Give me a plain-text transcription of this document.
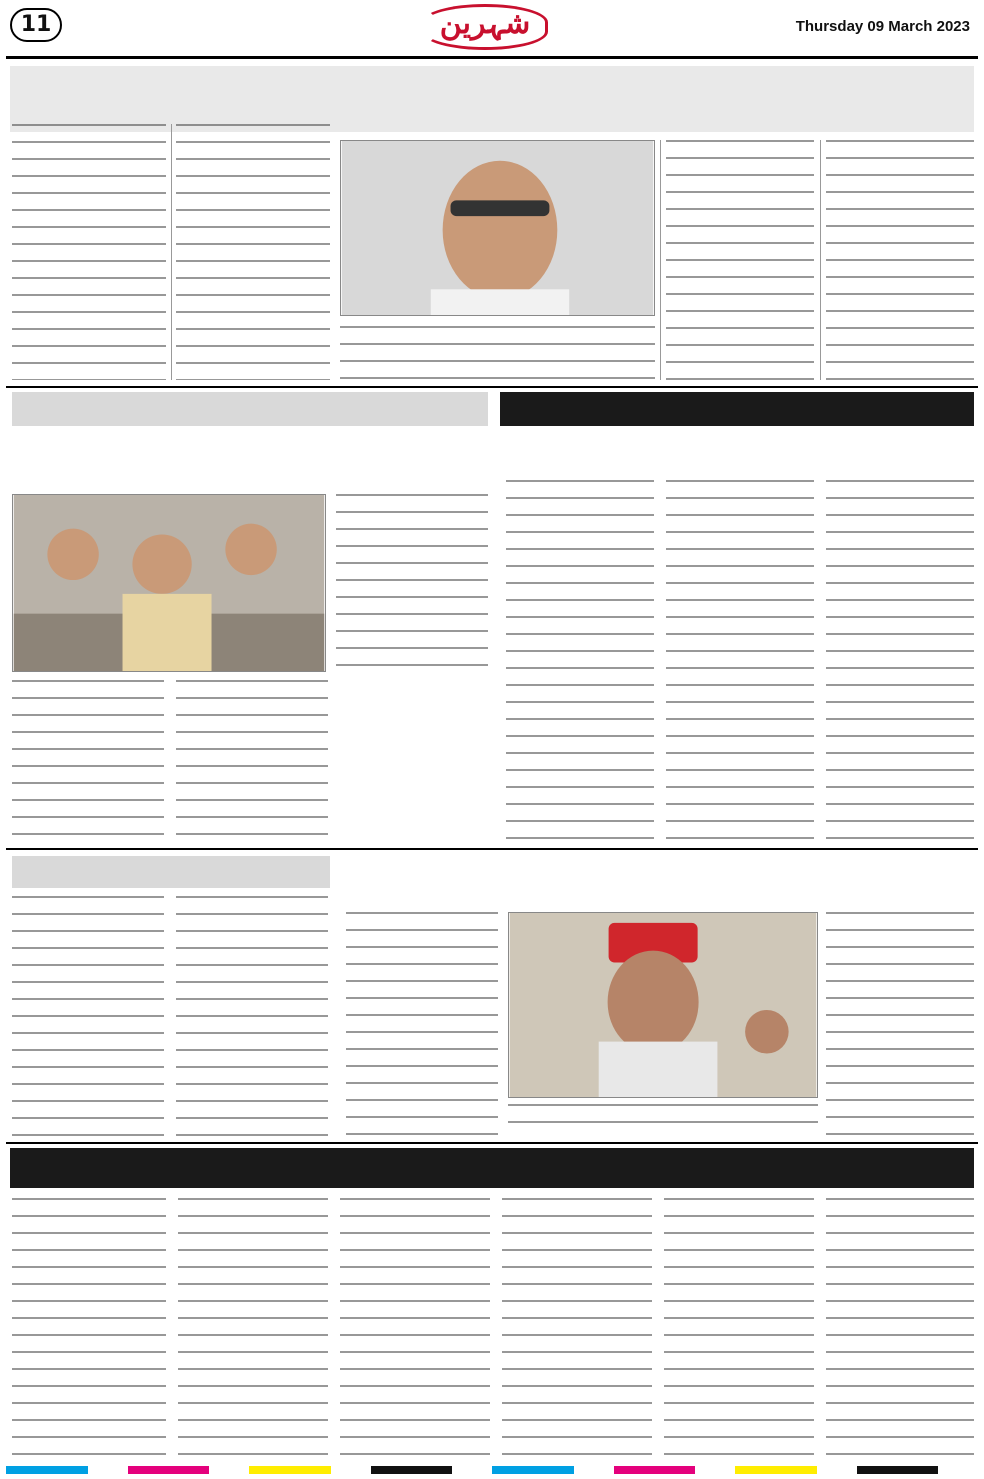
11	شہرین	Thursday 09 March 2023
